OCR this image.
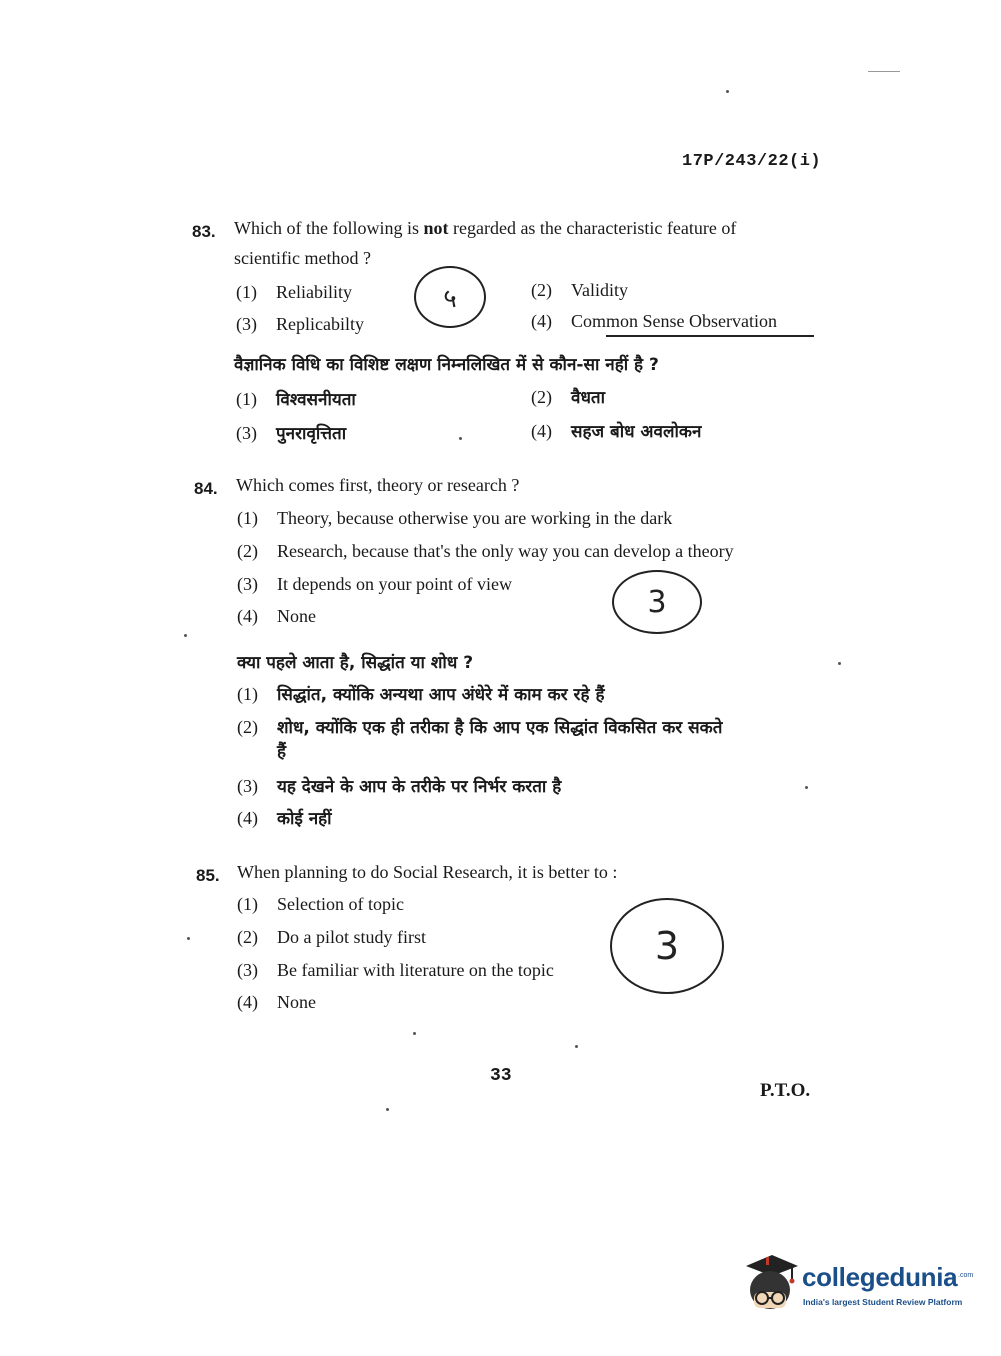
17P/243/22(i)
83. Which of the following is not regarded as the characteristic feature of
scientific method ?
(1) Reliability	(2) Validity
(3) Replicabilty	(4) Common Sense Observation
५
वैज्ञानिक विधि का विशिष्ट लक्षण निम्नलिखित में से कौन-सा नहीं है ?
(1) विश्वसनीयता	(2) वैधता
(3) पुनरावृत्तिता	(4) सहज बोध अवलोकन
84. Which comes first, theory or research ?
(1) Theory, because otherwise you are working in the dark
(2) Research, because that's the only way you can develop a theory
(3) It depends on your point of view
(4) None	3
क्या पहले आता है, सिद्धांत या शोध ?
(1) सिद्धांत, क्योंकि अन्यथा आप अंधेरे में काम कर रहे हैं
(2) शोध, क्योंकि एक ही तरीका है कि आप एक सिद्धांत विकसित कर सकते
हैं
(3) यह देखने के आप के तरीके पर निर्भर करता है
(4) कोई नहीं
85. When planning to do Social Research, it is better to :
(1) Selection of topic
(2) Do a pilot study first
(3) Be familiar with literature on the topic
(4) None
3
33
P.T.O.
collegedunia .com
India's largest Student Review Platform
